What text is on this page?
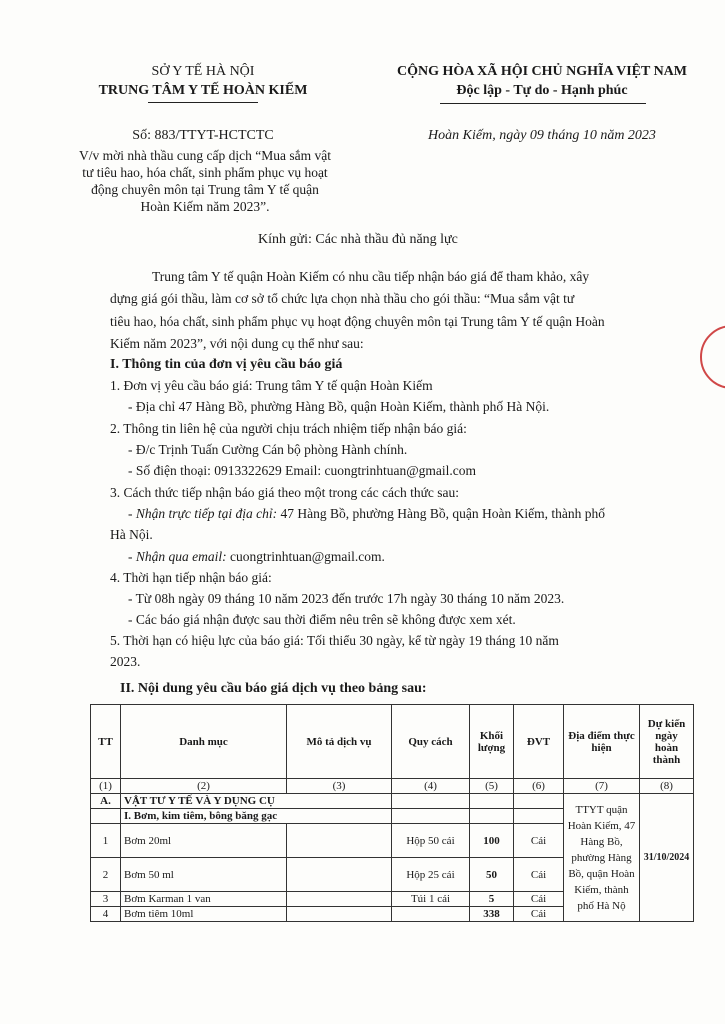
SỞ Y TẾ HÀ NỘI
TRUNG TÂM Y TẾ HOÀN KIẾM
CỘNG HÒA XÃ HỘI CHỦ NGHĨA VIỆT NAM
Độc lập - Tự do - Hạnh phúc
Số: 883/TTYT-HCTCTC	Hoàn Kiếm, ngày 09 tháng 10 năm 2023
V/v mời nhà thầu cung cấp dịch “Mua sắm vật
tư tiêu hao, hóa chất, sinh phẩm phục vụ hoạt
động chuyên môn tại Trung tâm Y tế quận
Hoàn Kiếm năm 2023”.
Kính gửi: Các nhà thầu đủ năng lực
Trung tâm Y tế quận Hoàn Kiếm có nhu cầu tiếp nhận báo giá để tham khảo, xây
dựng giá gói thầu, làm cơ sở tổ chức lựa chọn nhà thầu cho gói thầu: “Mua sắm vật tư
tiêu hao, hóa chất, sinh phẩm phục vụ hoạt động chuyên môn tại Trung tâm Y tế quận Hoàn
Kiếm năm 2023”, với nội dung cụ thể như sau:
I. Thông tin của đơn vị yêu cầu báo giá
1. Đơn vị yêu cầu báo giá: Trung tâm Y tế quận Hoàn Kiếm
- Địa chỉ 47 Hàng Bồ, phường Hàng Bồ, quận Hoàn Kiếm, thành phố Hà Nội.
2. Thông tin liên hệ của người chịu trách nhiệm tiếp nhận báo giá:
- Đ/c Trịnh Tuấn Cường Cán bộ phòng Hành chính.
- Số điện thoại: 0913322629 Email: cuongtrinhtuan@gmail.com
3. Cách thức tiếp nhận báo giá theo một trong các cách thức sau:
- Nhận trực tiếp tại địa chỉ: 47 Hàng Bồ, phường Hàng Bồ, quận Hoàn Kiếm, thành phố
Hà Nội.
- Nhận qua email: cuongtrinhtuan@gmail.com.
4. Thời hạn tiếp nhận báo giá:
- Từ 08h ngày 09 tháng 10 năm 2023 đến trước 17h ngày 30 tháng 10 năm 2023.
- Các báo giá nhận được sau thời điểm nêu trên sẽ không được xem xét.
5. Thời hạn có hiệu lực của báo giá: Tối thiểu 30 ngày, kể từ ngày 19 tháng 10 năm
2023.
II. Nội dung yêu cầu báo giá dịch vụ theo bảng sau:
TT	Danh mục	Mô tả dịch vụ	Quy cách	Khối lượng	ĐVT	Địa điểm thực hiện	Dự kiến ngày hoàn thành	
(1)	(2)	(3)	(4)	(5)	(6)	(7)	(8)	
A.	VẬT TƯ Y TẾ VÀ Y DỤNG CỤ					TTYT quận Hoàn Kiếm, 47 Hàng Bồ, phường Hàng Bồ, quận Hoàn Kiếm, thành phố Hà Nộ	31/10/2024	
	I. Bơm, kim tiêm, bông băng gạc							
1	Bơm 20ml		Hộp 50 cái	100	Cái			
2	Bơm 50 ml		Hộp 25 cái	50	Cái			
3	Bơm Karman 1 van		Túi 1 cái	5	Cái			
4	Bơm tiêm 10ml			338	Cái			
